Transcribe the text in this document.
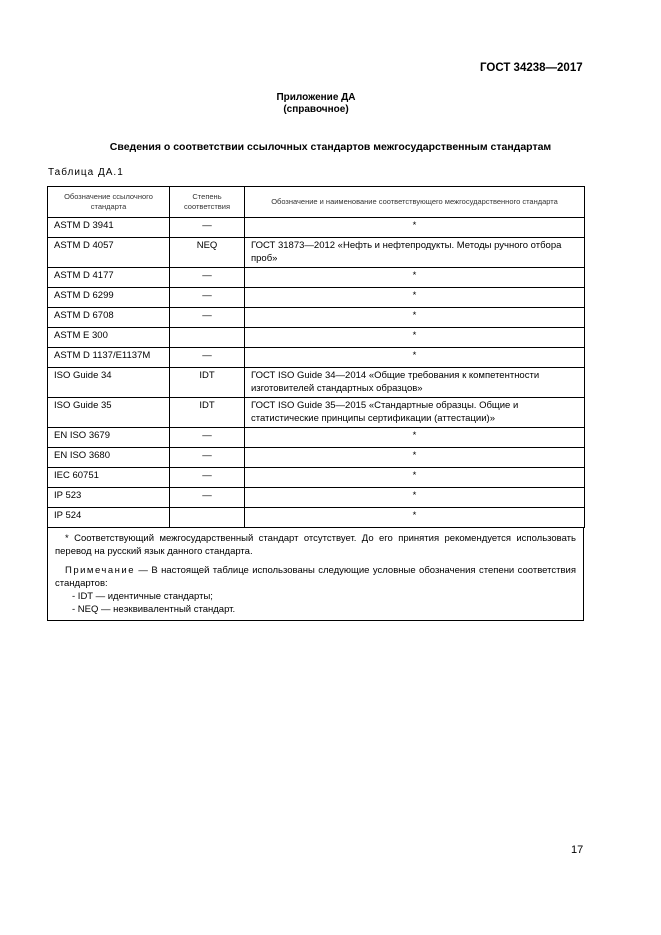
ГОСТ 34238—2017
Приложение ДА
(справочное)
Сведения о соответствии ссылочных стандартов межгосударственным стандартам
Таблица ДА.1
Обозначение ссылочного стандарта	Степень соответствия	Обозначение и наименование соответствующего межгосударственного стандарта
ASTM D 3941	—	*
ASTM D 4057	NEQ	ГОСТ 31873—2012 «Нефть и нефтепродукты. Методы ручного отбора проб»
ASTM D 4177	—	*
ASTM D 6299	—	*
ASTM D 6708	—	*
ASTM E 300		*
ASTM D 1137/E1137M	—	*
ISO Guide 34	IDT	ГОСТ ISO Guide 34—2014 «Общие требования к компетентности изготовителей стандартных образцов»
ISO Guide 35	IDT	ГОСТ ISO Guide 35—2015 «Стандартные образцы. Общие и статистические принципы сертификации (аттестации)»
EN ISO 3679	—	*
EN ISO 3680	—	*
IEC 60751	—	*
IP 523	—	*
IP 524		*

* Соответствующий межгосударственный стандарт отсутствует. До его принятия рекомендуется использовать перевод на русский язык данного стандарта.

Примечание — В настоящей таблице использованы следующие условные обозначения степени соответствия стандартов:

- IDT — идентичные стандарты;

- NEQ — неэквивалентный стандарт.

17
